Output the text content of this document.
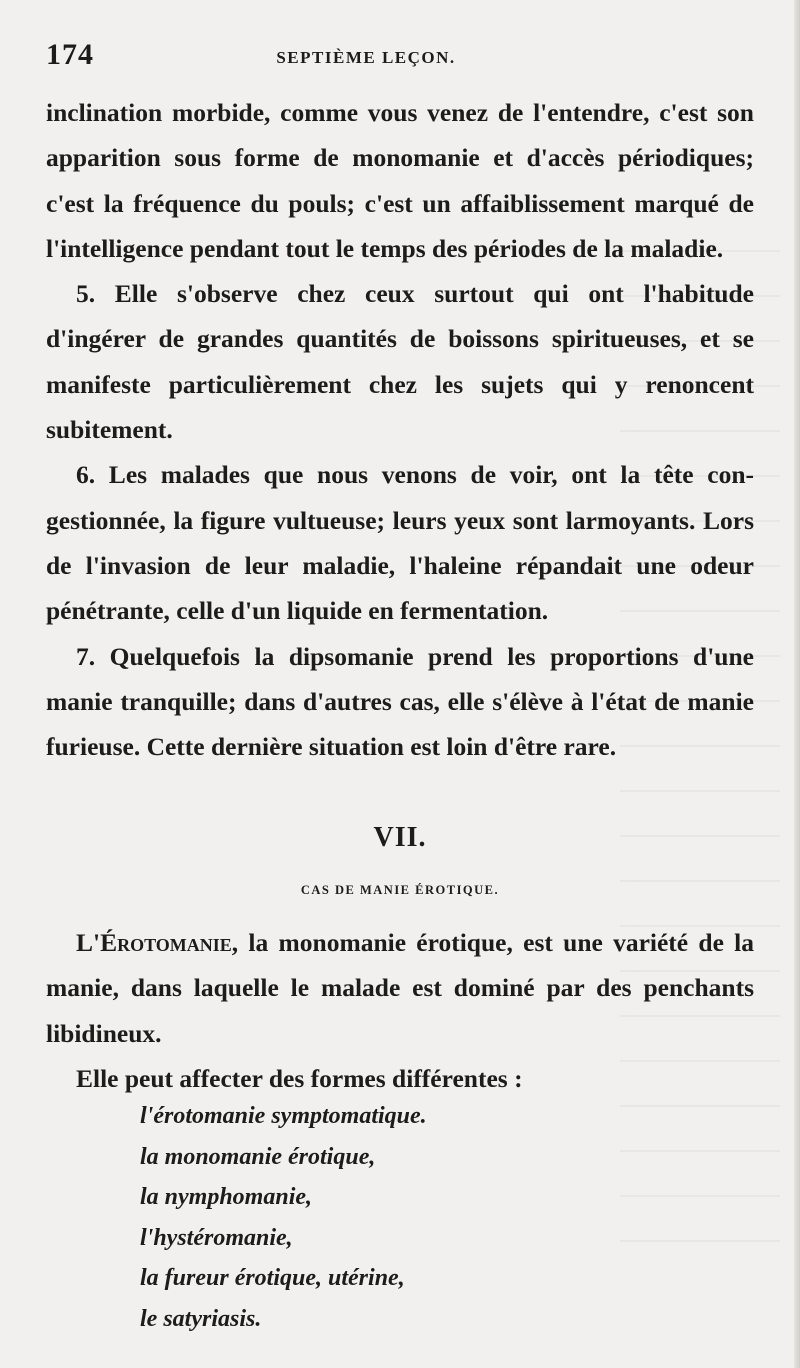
174	SEPTIÈME LEÇON.

inclination morbide, comme vous venez de l'entendre, c'est son apparition sous forme de monomanie et d'accès périodiques; c'est la fréquence du pouls; c'est un affaiblissement marqué de l'intelligence pendant tout le temps des périodes de la maladie.

5. Elle s'observe chez ceux surtout qui ont l'habitude d'ingérer de grandes quantités de boissons spiritueuses, et se manifeste particulièrement chez les sujets qui y renoncent subitement.

6. Les malades que nous venons de voir, ont la tête congestionnée, la figure vultueuse; leurs yeux sont larmoyants. Lors de l'invasion de leur maladie, l'haleine répandait une odeur pénétrante, celle d'un liquide en fermentation.

7. Quelquefois la dipsomanie prend les proportions d'une manie tranquille; dans d'autres cas, elle s'élève à l'état de manie furieuse. Cette dernière situation est loin d'être rare.

VII.
CAS DE MANIE ÉROTIQUE.

L'Érotomanie, la monomanie érotique, est une variété de la manie, dans laquelle le malade est dominé par des penchants libidineux.

Elle peut affecter des formes différentes :

l'érotomanie symptomatique.
la monomanie érotique,
la nymphomanie,
l'hystéromanie,
la fureur érotique, utérine,
le satyriasis.
